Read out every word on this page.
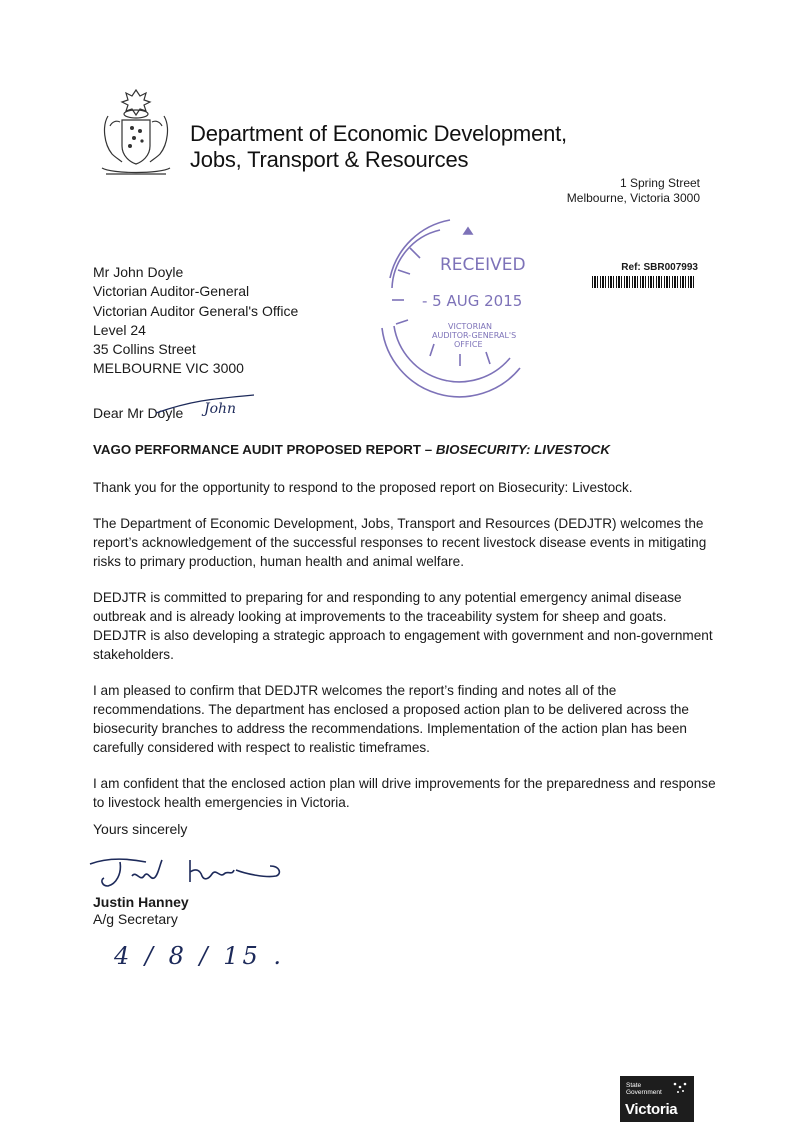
Department of Economic Development,
Jobs, Transport & Resources
1 Spring Street
Melbourne, Victoria 3000
RECEIVED
- 5 AUG 2015
VICTORIAN
AUDITOR-GENERAL'S
OFFICE
Ref: SBR007993
Mr John Doyle
Victorian Auditor-General
Victorian Auditor General's Office
Level 24
35 Collins Street
MELBOURNE VIC 3000
Dear Mr Doyle John
VAGO PERFORMANCE AUDIT PROPOSED REPORT – BIOSECURITY: LIVESTOCK

Thank you for the opportunity to respond to the proposed report on Biosecurity: Livestock.

The Department of Economic Development, Jobs, Transport and Resources (DEDJTR) welcomes the report’s acknowledgement of the successful responses to recent livestock disease events in mitigating risks to primary production, human health and animal welfare.

DEDJTR is committed to preparing for and responding to any potential emergency animal disease outbreak and is already looking at improvements to the traceability system for sheep and goats. DEDJTR is also developing a strategic approach to engagement with government and non-government stakeholders.

I am pleased to confirm that DEDJTR welcomes the report’s finding and notes all of the recommendations. The department has enclosed a proposed action plan to be delivered across the biosecurity branches to address the recommendations. Implementation of the action plan has been carefully considered with respect to realistic timeframes.

I am confident that the enclosed action plan will drive improvements for the preparedness and response to livestock health emergencies in Victoria.

Yours sincerely
Justin Hanney
A/g Secretary
4 / 8 / 15 .
State
Government
Victoria
